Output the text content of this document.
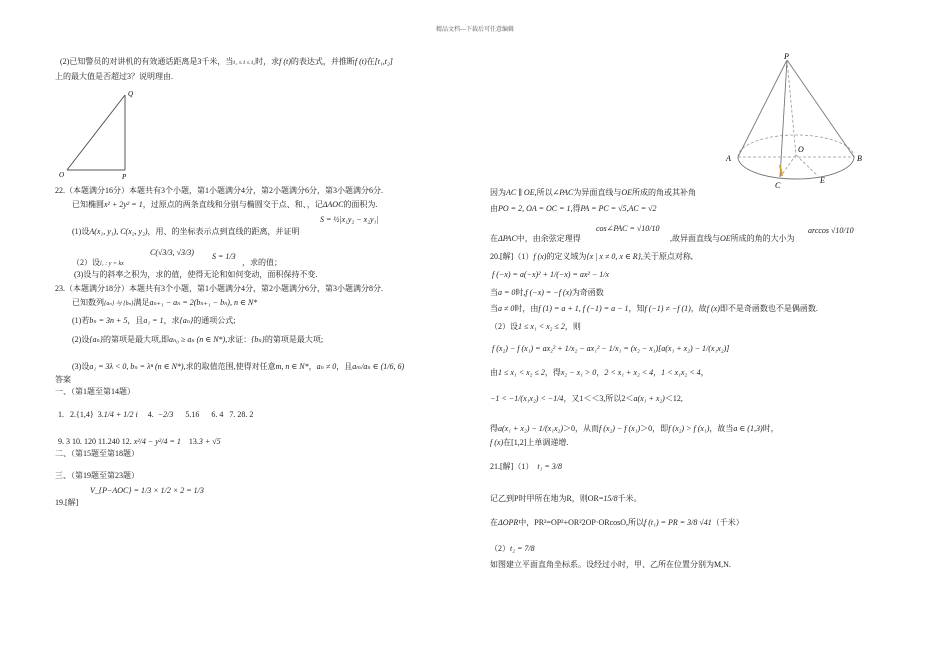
精品文档---下载后可任意编辑
(2)已知警员的对讲机的有效通话距离是3千米，当t₁ ≤ t ≤ t₂时，求f (t)的表达式，并推断f (t)在[t₁,t₂]
上的最大值是否超过3？说明理由.
Q
O	P
22.（本题满分16分）本题共有3个小题，第1小题满分4分，第2小题满分6分，第3小题满分6分.
已知椭圆x² + 2y² = 1，过原点的两条直线和分别与椭圆交于点、和、，记ΔAOC的面积为.
S = ½|x₁y₂ − x₂y₁|
(1)设A(x₁, y₁), C(x₂, y₂)，用、的坐标表示点到直线的距离，并证明
（2）设l₁ : y = kx
C(√3/3, √3/3) S = 1/3
，求的值；
(3)设与的斜率之积为，求的值，使得无论和如何变动，面积保持不变.
23.（本题满分18分）本题共有3个小题，第1小题满分4分，第2小题满分6分，第3小题满分8分.
已知数列{aₙ} 与 {bₙ}满足aₙ₊₁ − aₙ = 2(bₙ₊₁ − bₙ), n ∈ N*
(1)若bₙ = 3n + 5，且a₁ = 1，求{aₙ}的通项公式;
(2)设{aₙ}的第项是最大项,即aₙ₀ ≥ aₙ (n ∈ N*),求证：{bₙ}的第项是最大项;
(3)设a₁ = 3λ < 0, bₙ = λⁿ (n ∈ N*),求的取值范围,使得对任意m, n ∈ N*，aₙ ≠ 0，且aₘ/aₙ ∈ (1/6, 6)
答案
一、（第1题至第14题）
1. 2.{1,4} 3.1/4 + 1/2 i 4. −2/3 5.16 6. 4 7. 28. 2
9. 3 10. 120 11.240 12. x²/4 − y²/4 = 1 13.3 + √5
二、（第15题至第18题）
三、（第19题至第23题）
V_{P−AOC} = 1/3 × 1/2 × 2 = 1/3
19.[解]
P
A	B
C
O
E
因为AC ∥ OE,所以∠PAC为异面直线与OE所成的角或其补角
由PO = 2, OA = OC = 1,得PA = PC = √5,AC = √2
在ΔPAC中，由余弦定理得
cos∠PAC = √10/10
,故异面直线与OE所成的角的大小为
arccos √10/10
20.[解]（1）f (x)的定义域为{x | x ≠ 0, x ∈ R},关于原点对称,
f (−x) = a(−x)² + 1/(−x) = ax² − 1/x
当a = 0时,f (−x) = −f (x)为奇函数
当a ≠ 0时，由f (1) = a + 1, f (−1) = a − 1，知f (−1) ≠ −f (1)，故f (x)即不是奇函数也不是偶函数.
（2）设1 ≤ x₁ < x₂ ≤ 2，则
f (x₂) − f (x₁) = ax₂² + 1/x₂ − ax₁² − 1/x₁ = (x₂ − x₁)[a(x₁ + x₂) − 1/(x₁x₂)]
由1 ≤ x₁ < x₂ ≤ 2，得x₂ − x₁ > 0，2 < x₁ + x₂ < 4，1 < x₁x₂ < 4，
−1 < −1/(x₁x₂) < −1/4，又1＜＜3,所以2＜a(x₁ + x₂)＜12,
得a(x₁ + x₂) − 1/(x₁x₂)＞0，从而f (x₂) − f (x₁)＞0，即f (x₂) > f (x₁)，故当a ∈ (1,3)时，
f (x)在[1,2]上单调递增.
21.[解]（1） t₁ = 3/8
记乙到P时甲所在地为R，则OR=15/8千米。
在ΔOPR中，PR²=OP²+OR²2OP·ORcosO,所以f (t₁) = PR = 3/8 √41（千米）
（2）t₂ = 7/8
如图建立平面直角坐标系。设经过小时，甲、乙所在位置分别为M,N.
